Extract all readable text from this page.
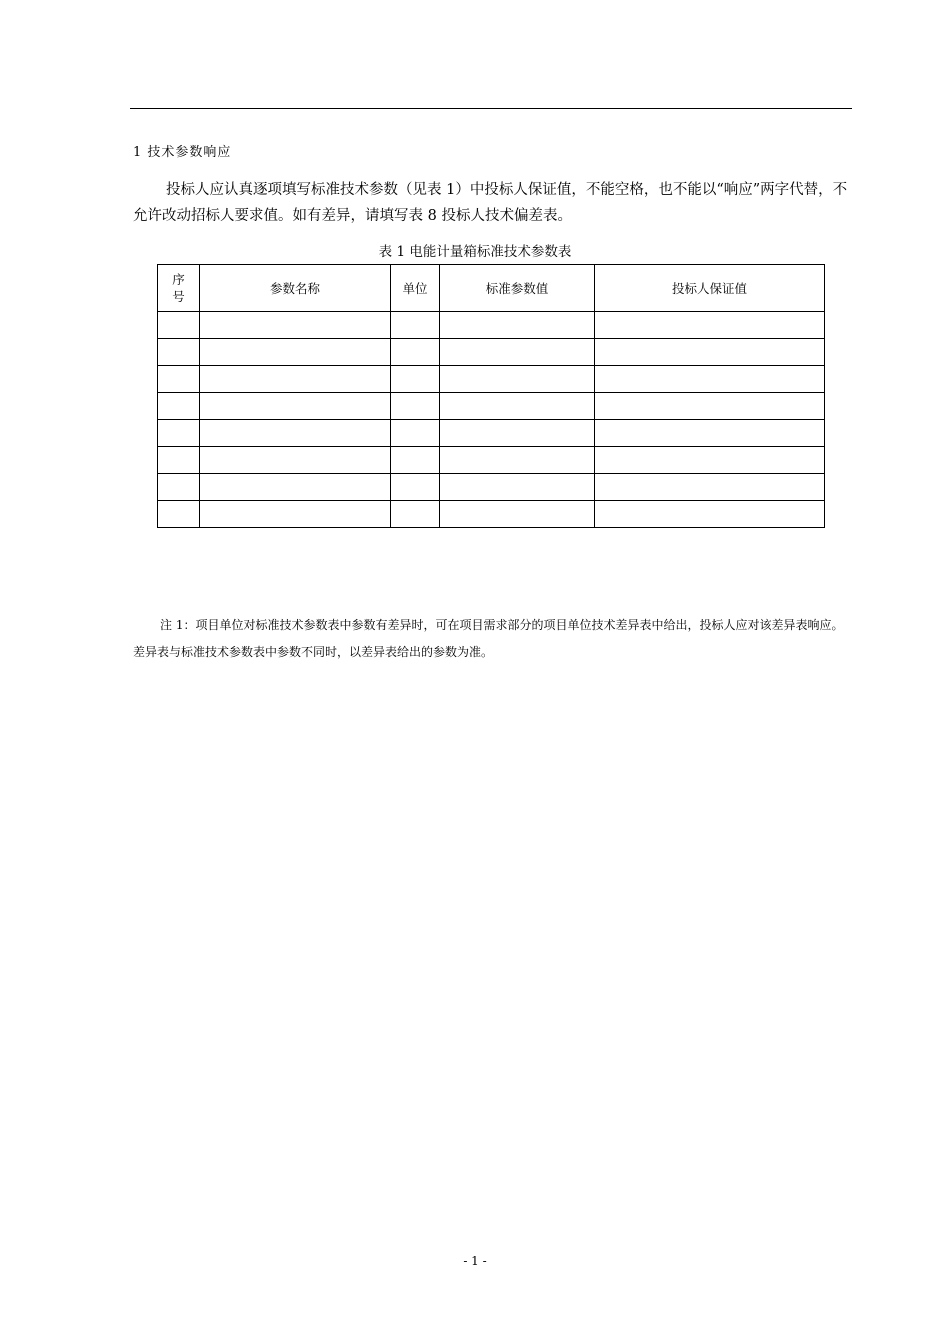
1 技术参数响应
投标人应认真逐项填写标准技术参数（见表 1）中投标人保证值，不能空格，也不能以“响应”两字代替，不允许改动招标人要求值。如有差异，请填写表 8 投标人技术偏差表。
表 1 电能计量箱标准技术参数表
序号	参数名称	单位	标准参数值	投标人保证值

注 1：项目单位对标准技术参数表中参数有差异时，可在项目需求部分的项目单位技术差异表中给出，投标人应对该差异表响应。差异表与标准技术参数表中参数不同时，以差异表给出的参数为准。
- 1 -
